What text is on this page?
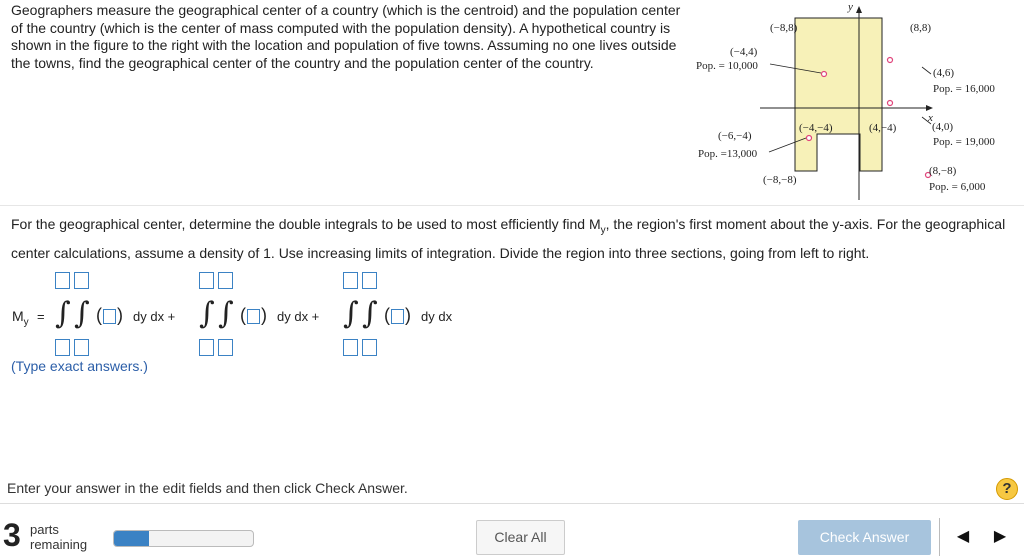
Geographers measure the geographical center of a country (which is the centroid) and the population center of the country (which is the center of mass computed with the population density). A hypothetical country is shown in the figure to the right with the location and population of five towns. Assuming no one lives outside the towns, find the geographical center of the country and the population center of the country.
y
x
(−8,8)	(8,8)
(−4,4)
Pop. = 10,000
(4,6)
Pop. = 16,000
(−6,−4)
Pop. =13,000
(4,0)
Pop. = 19,000
(8,−8)
Pop. = 6,000
(−4,−4)	(4,−4)
(−8,−8)
For the geographical center, determine the double integrals to be used to most efficiently find $M_y$, the region's first moment about the y-axis. For the geographical center calculations, assume a density of 1. Use increasing limits of integration. Divide the region into three sections, going from left to right.
$M_y$ = ∫ ∫ ( ) dy dx + ∫ ∫ ( ) dy dx + ∫ ∫ ( ) dy dx
(Type exact answers.)
Enter your answer in the edit fields and then click Check Answer.	?
3 parts
remaining	Clear All	Check Answer	◀	▶
